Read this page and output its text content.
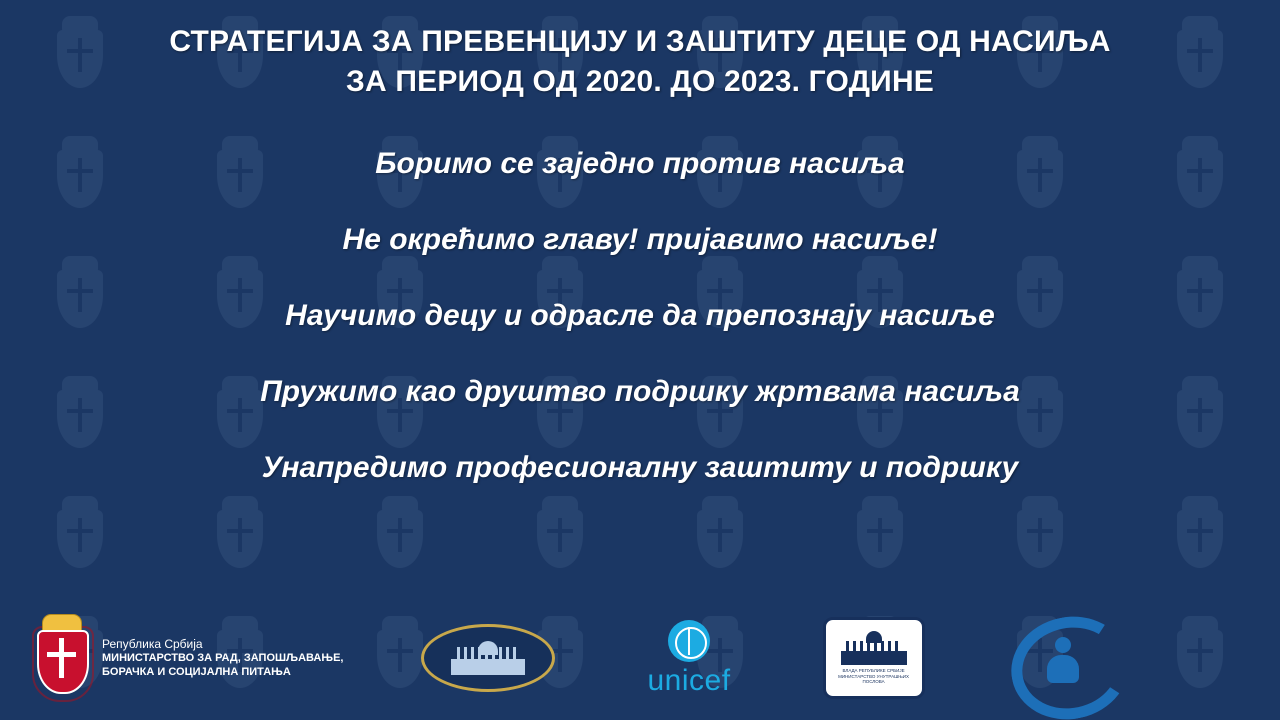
СТРАТЕГИЈА ЗА ПРЕВЕНЦИЈУ И ЗАШТИТУ ДЕЦЕ ОД НАСИЉА
ЗА ПЕРИОД ОД 2020. ДО 2023. ГОДИНЕ
Боримо се заједно против насиља
Не окрећимо главу! пријавимо насиље!
Научимо децу и одрасле да препознају насиље
Пружимо као друштво подршку жртвама насиља
Унапредимо професионалну заштиту и подршку
Република Србија
МИНИСТАРСТВО ЗА РАД, ЗАПОШЉАВАЊЕ,
БОРАЧКА И СОЦИЈАЛНА ПИТАЊА	unicef	ВЛАДА РЕПУБЛИКЕ СРБИЈЕ МИНИСТАРСТВО УНУТРАШЊИХ ПОСЛОВА
